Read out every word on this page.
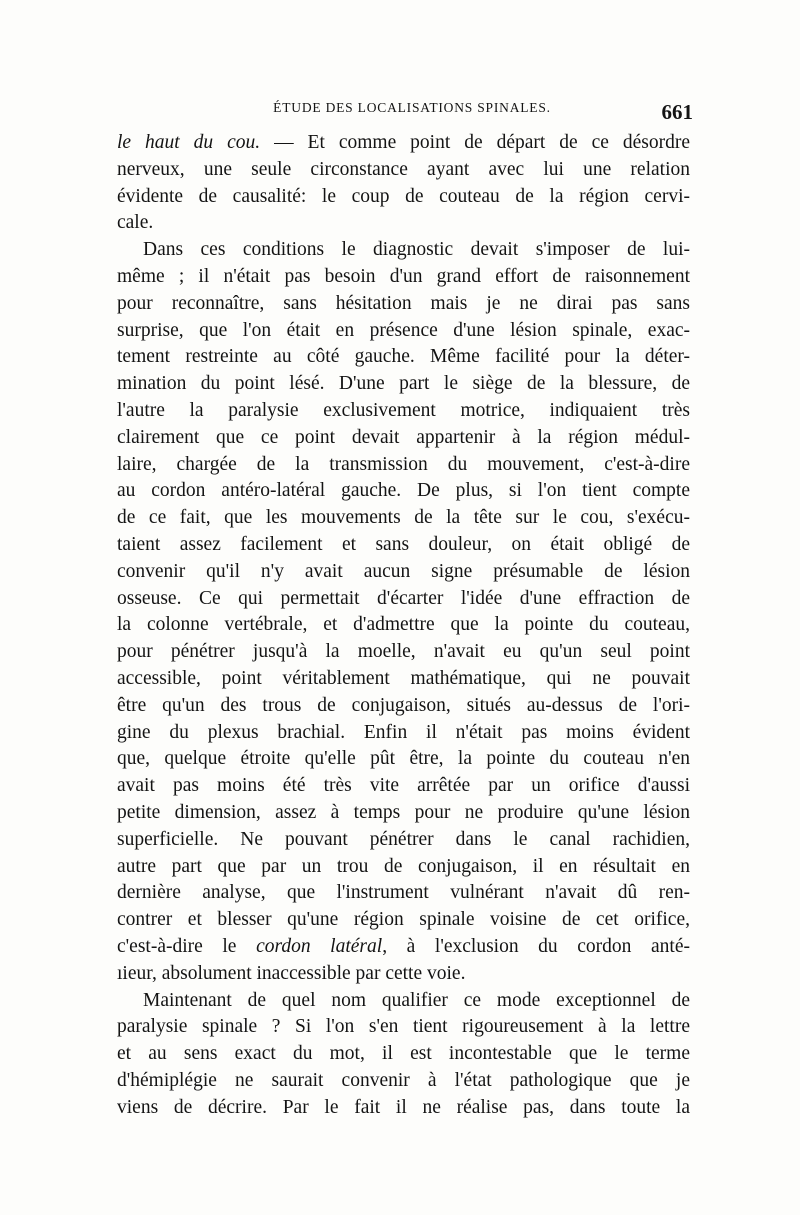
ÉTUDE DES LOCALISATIONS SPINALES.	661
le haut du cou. — Et comme point de départ de ce désordre
nerveux, une seule circonstance ayant avec lui une relation
évidente de causalité: le coup de couteau de la région cervi-
cale.
Dans ces conditions le diagnostic devait s'imposer de lui-
même ; il n'était pas besoin d'un grand effort de raisonnement
pour reconnaître, sans hésitation mais je ne dirai pas sans
surprise, que l'on était en présence d'une lésion spinale, exac-
tement restreinte au côté gauche. Même facilité pour la déter-
mination du point lésé. D'une part le siège de la blessure, de
l'autre la paralysie exclusivement motrice, indiquaient très
clairement que ce point devait appartenir à la région médul-
laire, chargée de la transmission du mouvement, c'est-à-dire
au cordon antéro-latéral gauche. De plus, si l'on tient compte
de ce fait, que les mouvements de la tête sur le cou, s'exécu-
taient assez facilement et sans douleur, on était obligé de
convenir qu'il n'y avait aucun signe présumable de lésion
osseuse. Ce qui permettait d'écarter l'idée d'une effraction de
la colonne vertébrale, et d'admettre que la pointe du couteau,
pour pénétrer jusqu'à la moelle, n'avait eu qu'un seul point
accessible, point véritablement mathématique, qui ne pouvait
être qu'un des trous de conjugaison, situés au-dessus de l'ori-
gine du plexus brachial. Enfin il n'était pas moins évident
que, quelque étroite qu'elle pût être, la pointe du couteau n'en
avait pas moins été très vite arrêtée par un orifice d'aussi
petite dimension, assez à temps pour ne produire qu'une lésion
superficielle. Ne pouvant pénétrer dans le canal rachidien,
autre part que par un trou de conjugaison, il en résultait en
dernière analyse, que l'instrument vulnérant n'avait dû ren-
contrer et blesser qu'une région spinale voisine de cet orifice,
c'est-à-dire le cordon latéral, à l'exclusion du cordon anté-
ıieur, absolument inaccessible par cette voie.
Maintenant de quel nom qualifier ce mode exceptionnel de
paralysie spinale ? Si l'on s'en tient rigoureusement à la lettre
et au sens exact du mot, il est incontestable que le terme
d'hémiplégie ne saurait convenir à l'état pathologique que je
viens de décrire. Par le fait il ne réalise pas, dans toute la
